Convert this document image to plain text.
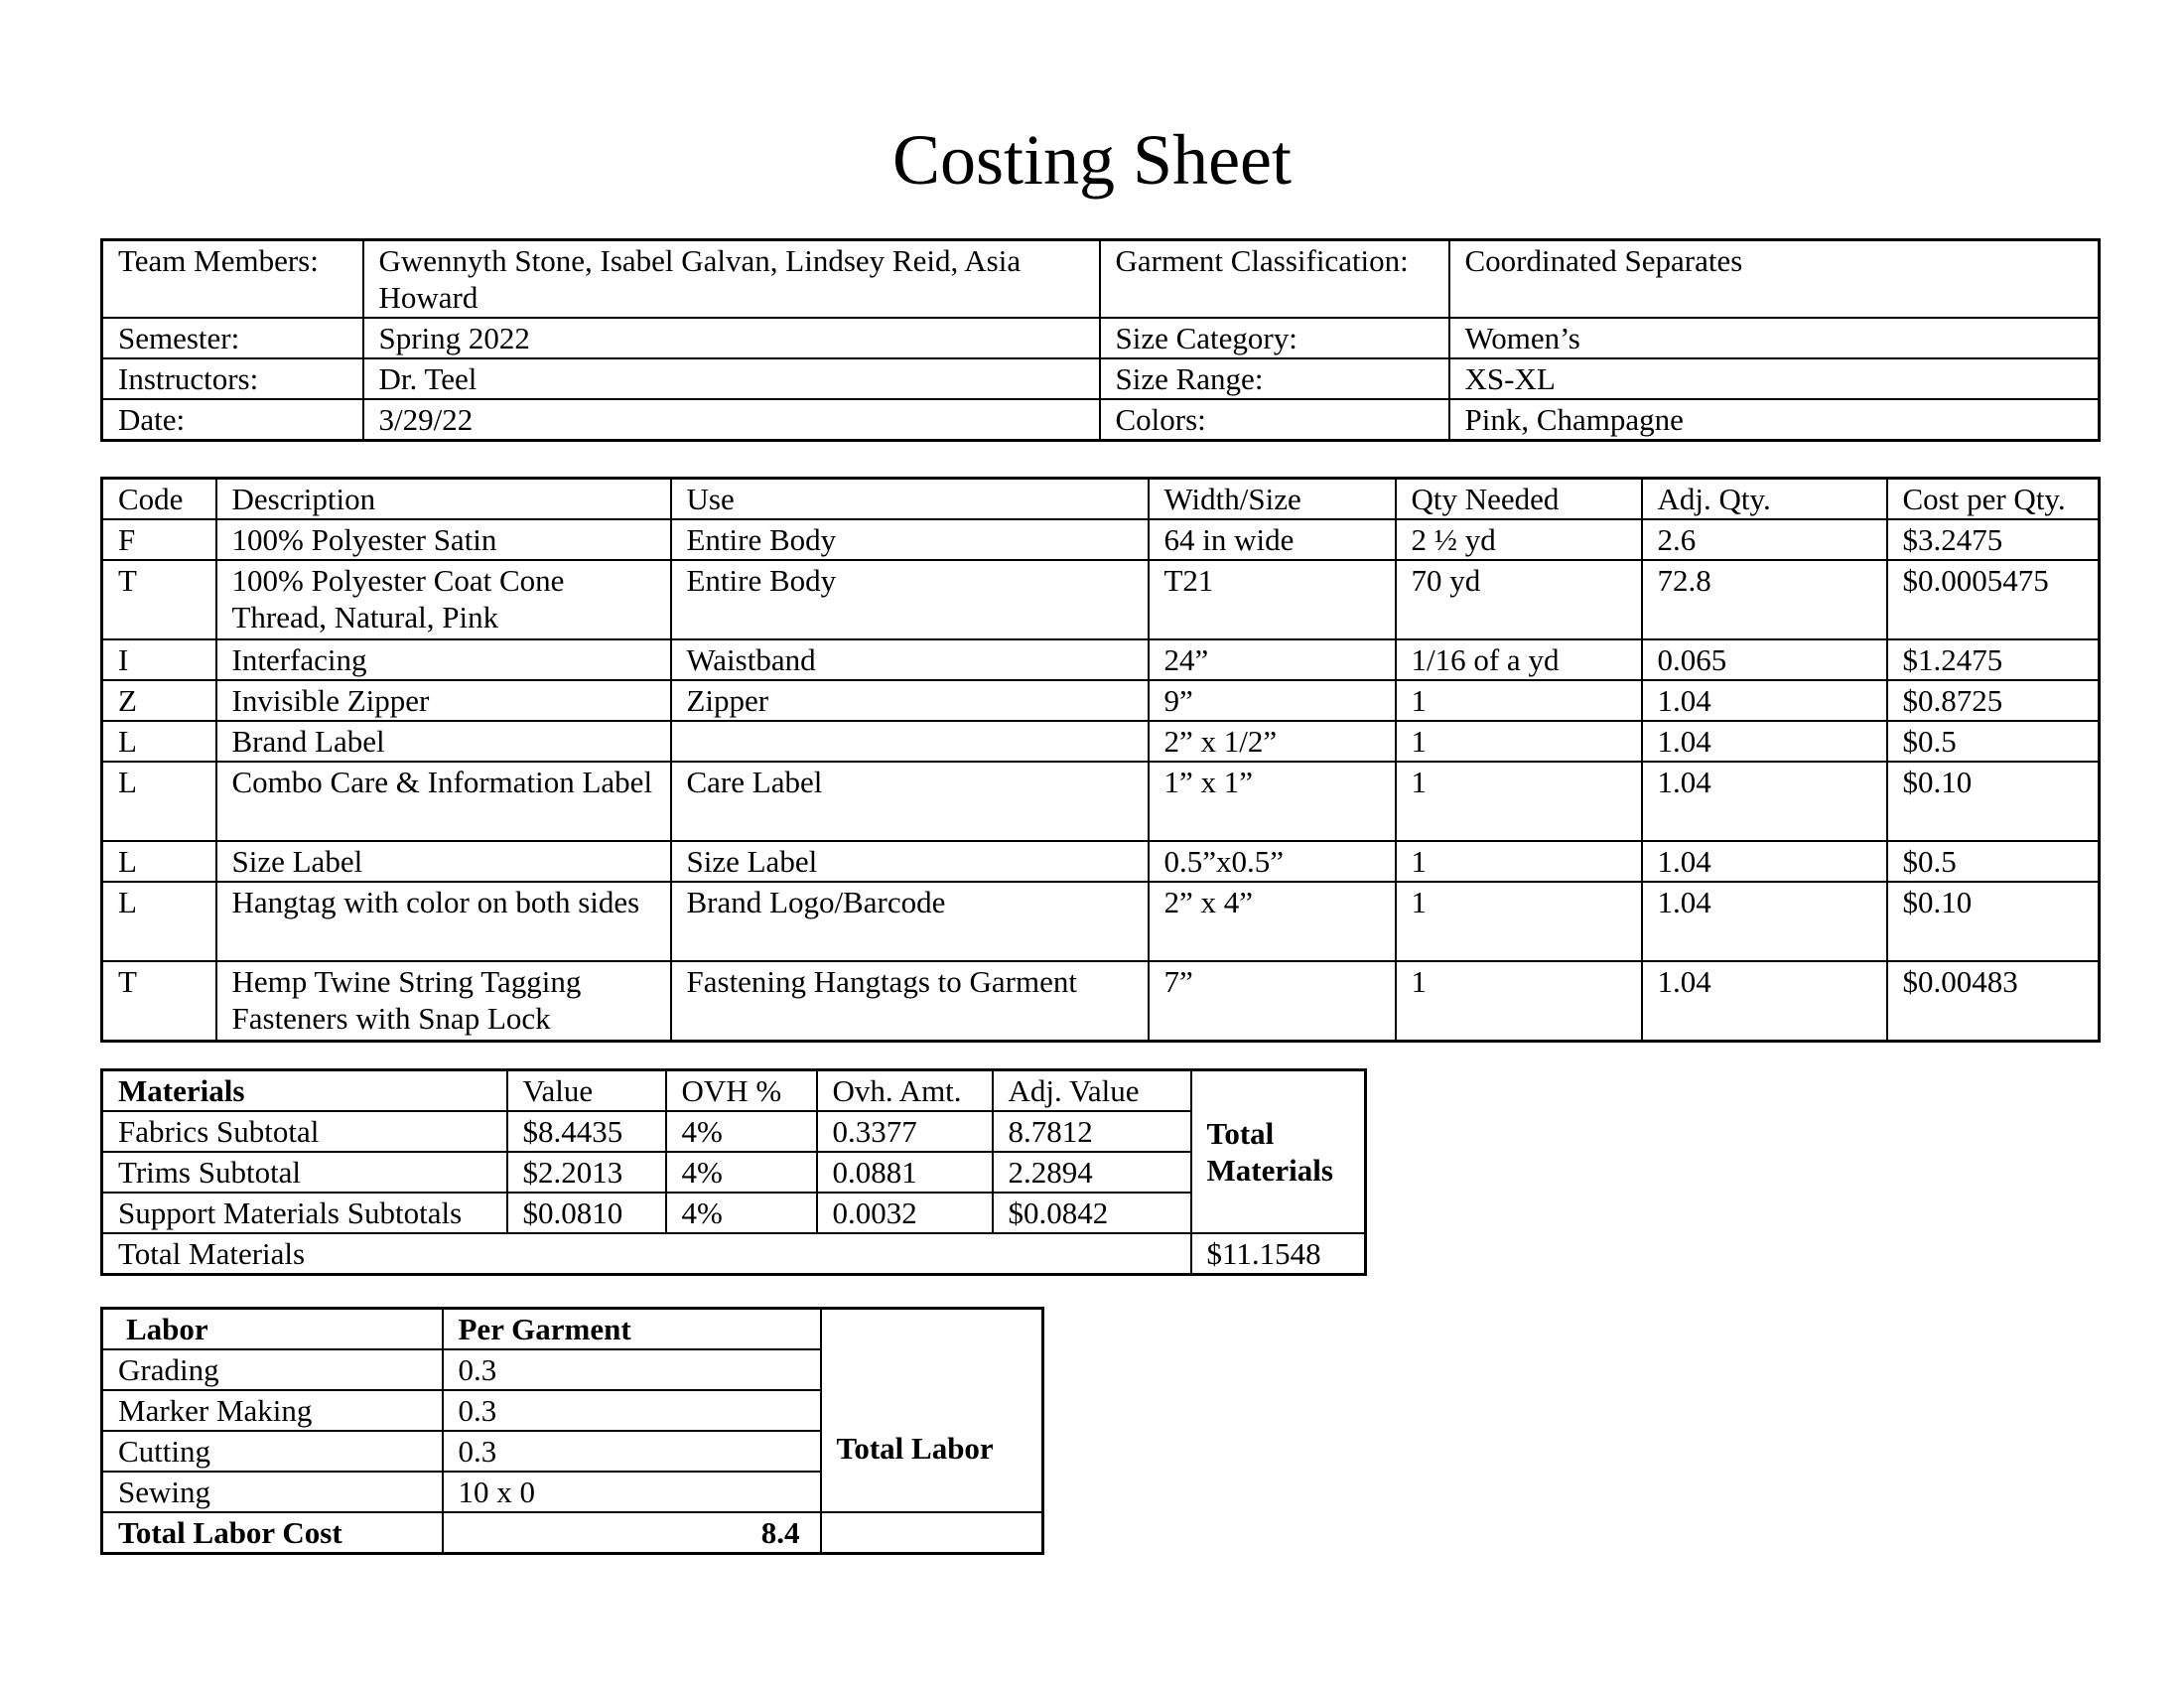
Costing Sheet
Team Members:	Gwennyth Stone, Isabel Galvan, Lindsey Reid, Asia Howard	Garment Classification:	Coordinated Separates
Semester:	Spring 2022	Size Category:	Women’s
Instructors:	Dr. Teel	Size Range:	XS-XL
Date:	3/29/22	Colors:	Pink, Champagne
Code	Description	Use	Width/Size	Qty Needed	Adj. Qty.	Cost per Qty.
F	100% Polyester Satin	Entire Body	64 in wide	2 ½ yd	2.6	$3.2475
T	100% Polyester Coat Cone Thread, Natural, Pink	Entire Body	T21	70 yd	72.8	$0.0005475
I	Interfacing	Waistband	24”	1/16 of a yd	0.065	$1.2475
Z	Invisible Zipper	Zipper	9”	1	1.04	$0.8725
L	Brand Label		2” x 1/2”	1	1.04	$0.5
L	Combo Care & Information Label	Care Label	1” x 1”	1	1.04	$0.10
L	Size Label	Size Label	0.5”x0.5”	1	1.04	$0.5
L	Hangtag with color on both sides	Brand Logo/Barcode	2” x 4”	1	1.04	$0.10
T	Hemp Twine String Tagging Fasteners with Snap Lock	Fastening Hangtags to Garment	7”	1	1.04	$0.00483
Materials	Value	OVH %	Ovh. Amt.	Adj. Value	Total Materials
Fabrics Subtotal	$8.4435	4%	0.3377	8.7812	
Trims Subtotal	$2.2013	4%	0.0881	2.2894	
Support Materials Subtotals	$0.0810	4%	0.0032	$0.0842	
Total Materials					$11.1548
Labor	Per Garment	Total Labor
Grading	0.3	
Marker Making	0.3	
Cutting	0.3	
Sewing	10 x 0	
Total Labor Cost	8.4	
